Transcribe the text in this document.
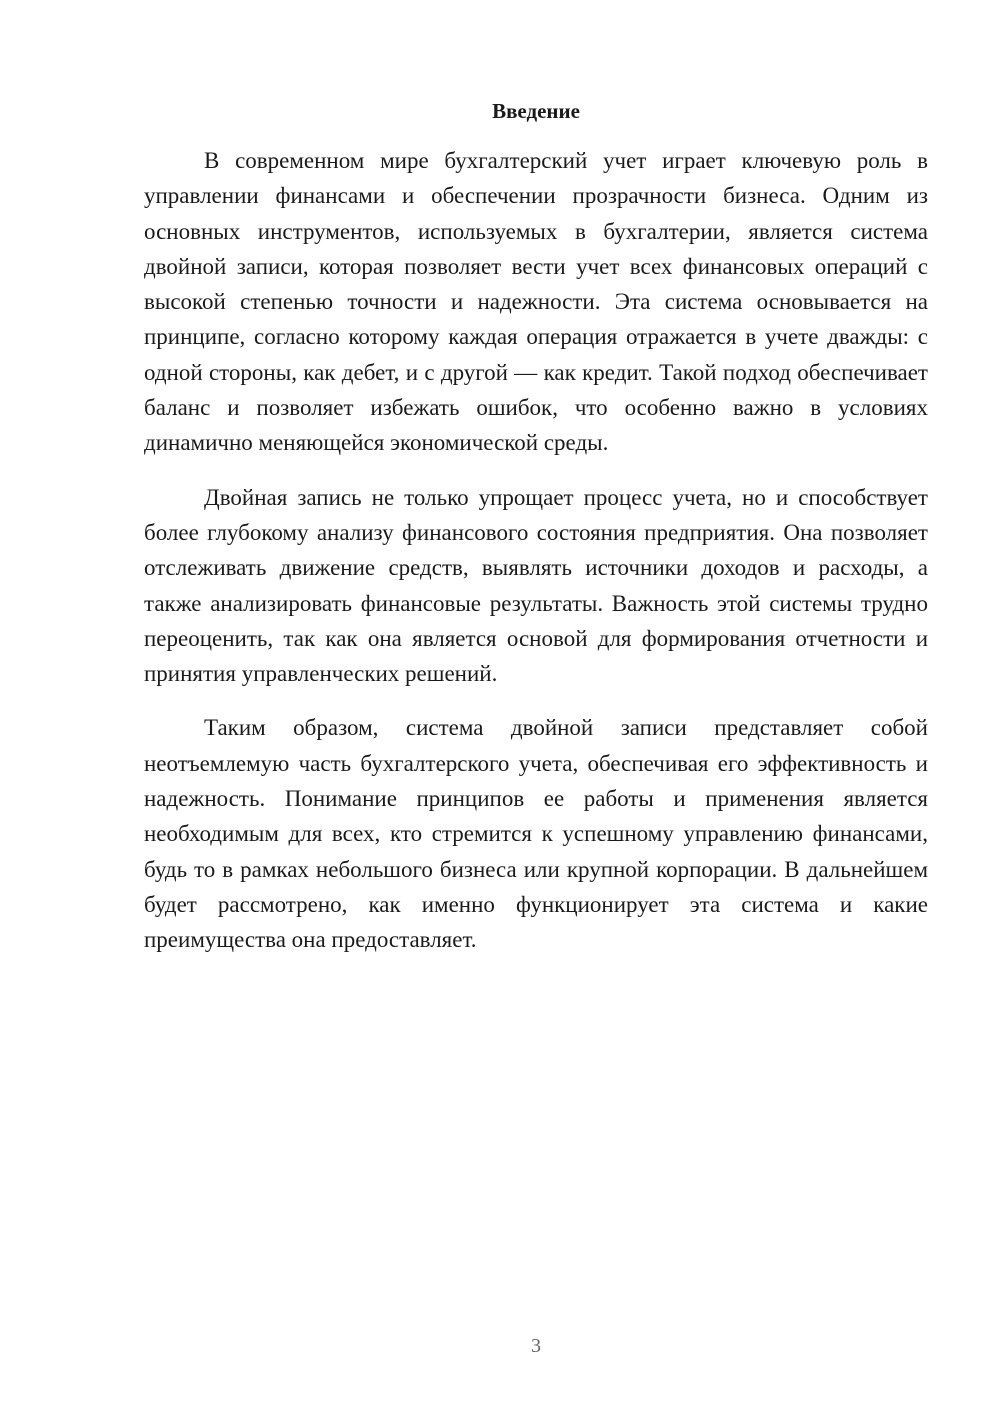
Введение

В современном мире бухгалтерский учет играет ключевую роль в управлении финансами и обеспечении прозрачности бизнеса. Одним из основных инструментов, используемых в бухгалтерии, является система двойной записи, которая позволяет вести учет всех финансовых операций с высокой степенью точности и надежности. Эта система основывается на принципе, согласно которому каждая операция отражается в учете дважды: с одной стороны, как дебет, и с другой — как кредит. Такой подход обеспечивает баланс и позволяет избежать ошибок, что особенно важно в условиях динамично меняющейся экономической среды.

Двойная запись не только упрощает процесс учета, но и способствует более глубокому анализу финансового состояния предприятия. Она позволяет отслеживать движение средств, выявлять источники доходов и расходы, а также анализировать финансовые результаты. Важность этой системы трудно переоценить, так как она является основой для формирования отчетности и принятия управленческих решений.

Таким образом, система двойной записи представляет собой неотъемлемую часть бухгалтерского учета, обеспечивая его эффективность и надежность. Понимание принципов ее работы и применения является необходимым для всех, кто стремится к успешному управлению финансами, будь то в рамках небольшого бизнеса или крупной корпорации. В дальнейшем будет рассмотрено, как именно функционирует эта система и какие преимущества она предоставляет.

3
